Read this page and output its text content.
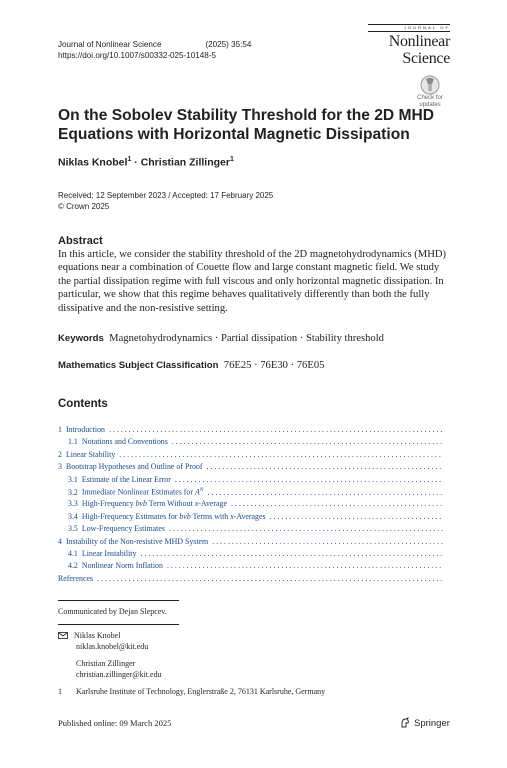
Journal of Nonlinear Science	(2025) 35:54
https://doi.org/10.1007/s00332-025-10148-5
JOURNAL OF
Nonlinear
Science
Check for
updates
On the Sobolev Stability Threshold for the 2D MHD Equations with Horizontal Magnetic Dissipation
Niklas Knobel$^1$ · Christian Zillinger$^1$
Received: 12 September 2023 / Accepted: 17 February 2025
© Crown 2025
Abstract
In this article, we consider the stability threshold of the 2D magnetohydrodynamics (MHD) equations near a combination of Couette flow and large constant magnetic field. We study the partial dissipation regime with full viscous and only horizontal magnetic dissipation. In particular, we show that this regime behaves qualitatively differently than both the fully dissipative and the non-resistive setting.
Keywords Magnetohydrodynamics · Partial dissipation · Stability threshold
Mathematics Subject Classification 76E25 · 76E30 · 76E05
Contents
1 Introduction
. . .
1.1 Notations and Conventions
. . .
2 Linear Stability
. . .
3 Bootstrap Hypotheses and Outline of Proof
. . .
3.1 Estimate of the Linear Error
. . .
3.2 Immediate Nonlinear Estimates for $A^N$
. . .
3.3 High-Frequency bvb Term Without x-Average
. . .
3.4 High-Frequency Estimates for bvb Terms with x-Averages
. . .
3.5 Low-Frequency Estimates
. . .
4 Instability of the Non-resistive MHD System
. . .
4.1 Linear Instability
. . .
4.2 Nonlinear Norm Inflation
. . .
References
. . .
Communicated by Dejan Slepcev.
Niklas Knobel
niklas.knobel@kit.edu
Christian Zillinger
christian.zillinger@kit.edu
1	Karlsruhe Institute of Technology, Englerstraße 2, 76131 Karlsruhe, Germany
Published online: 09 March 2025	Springer
